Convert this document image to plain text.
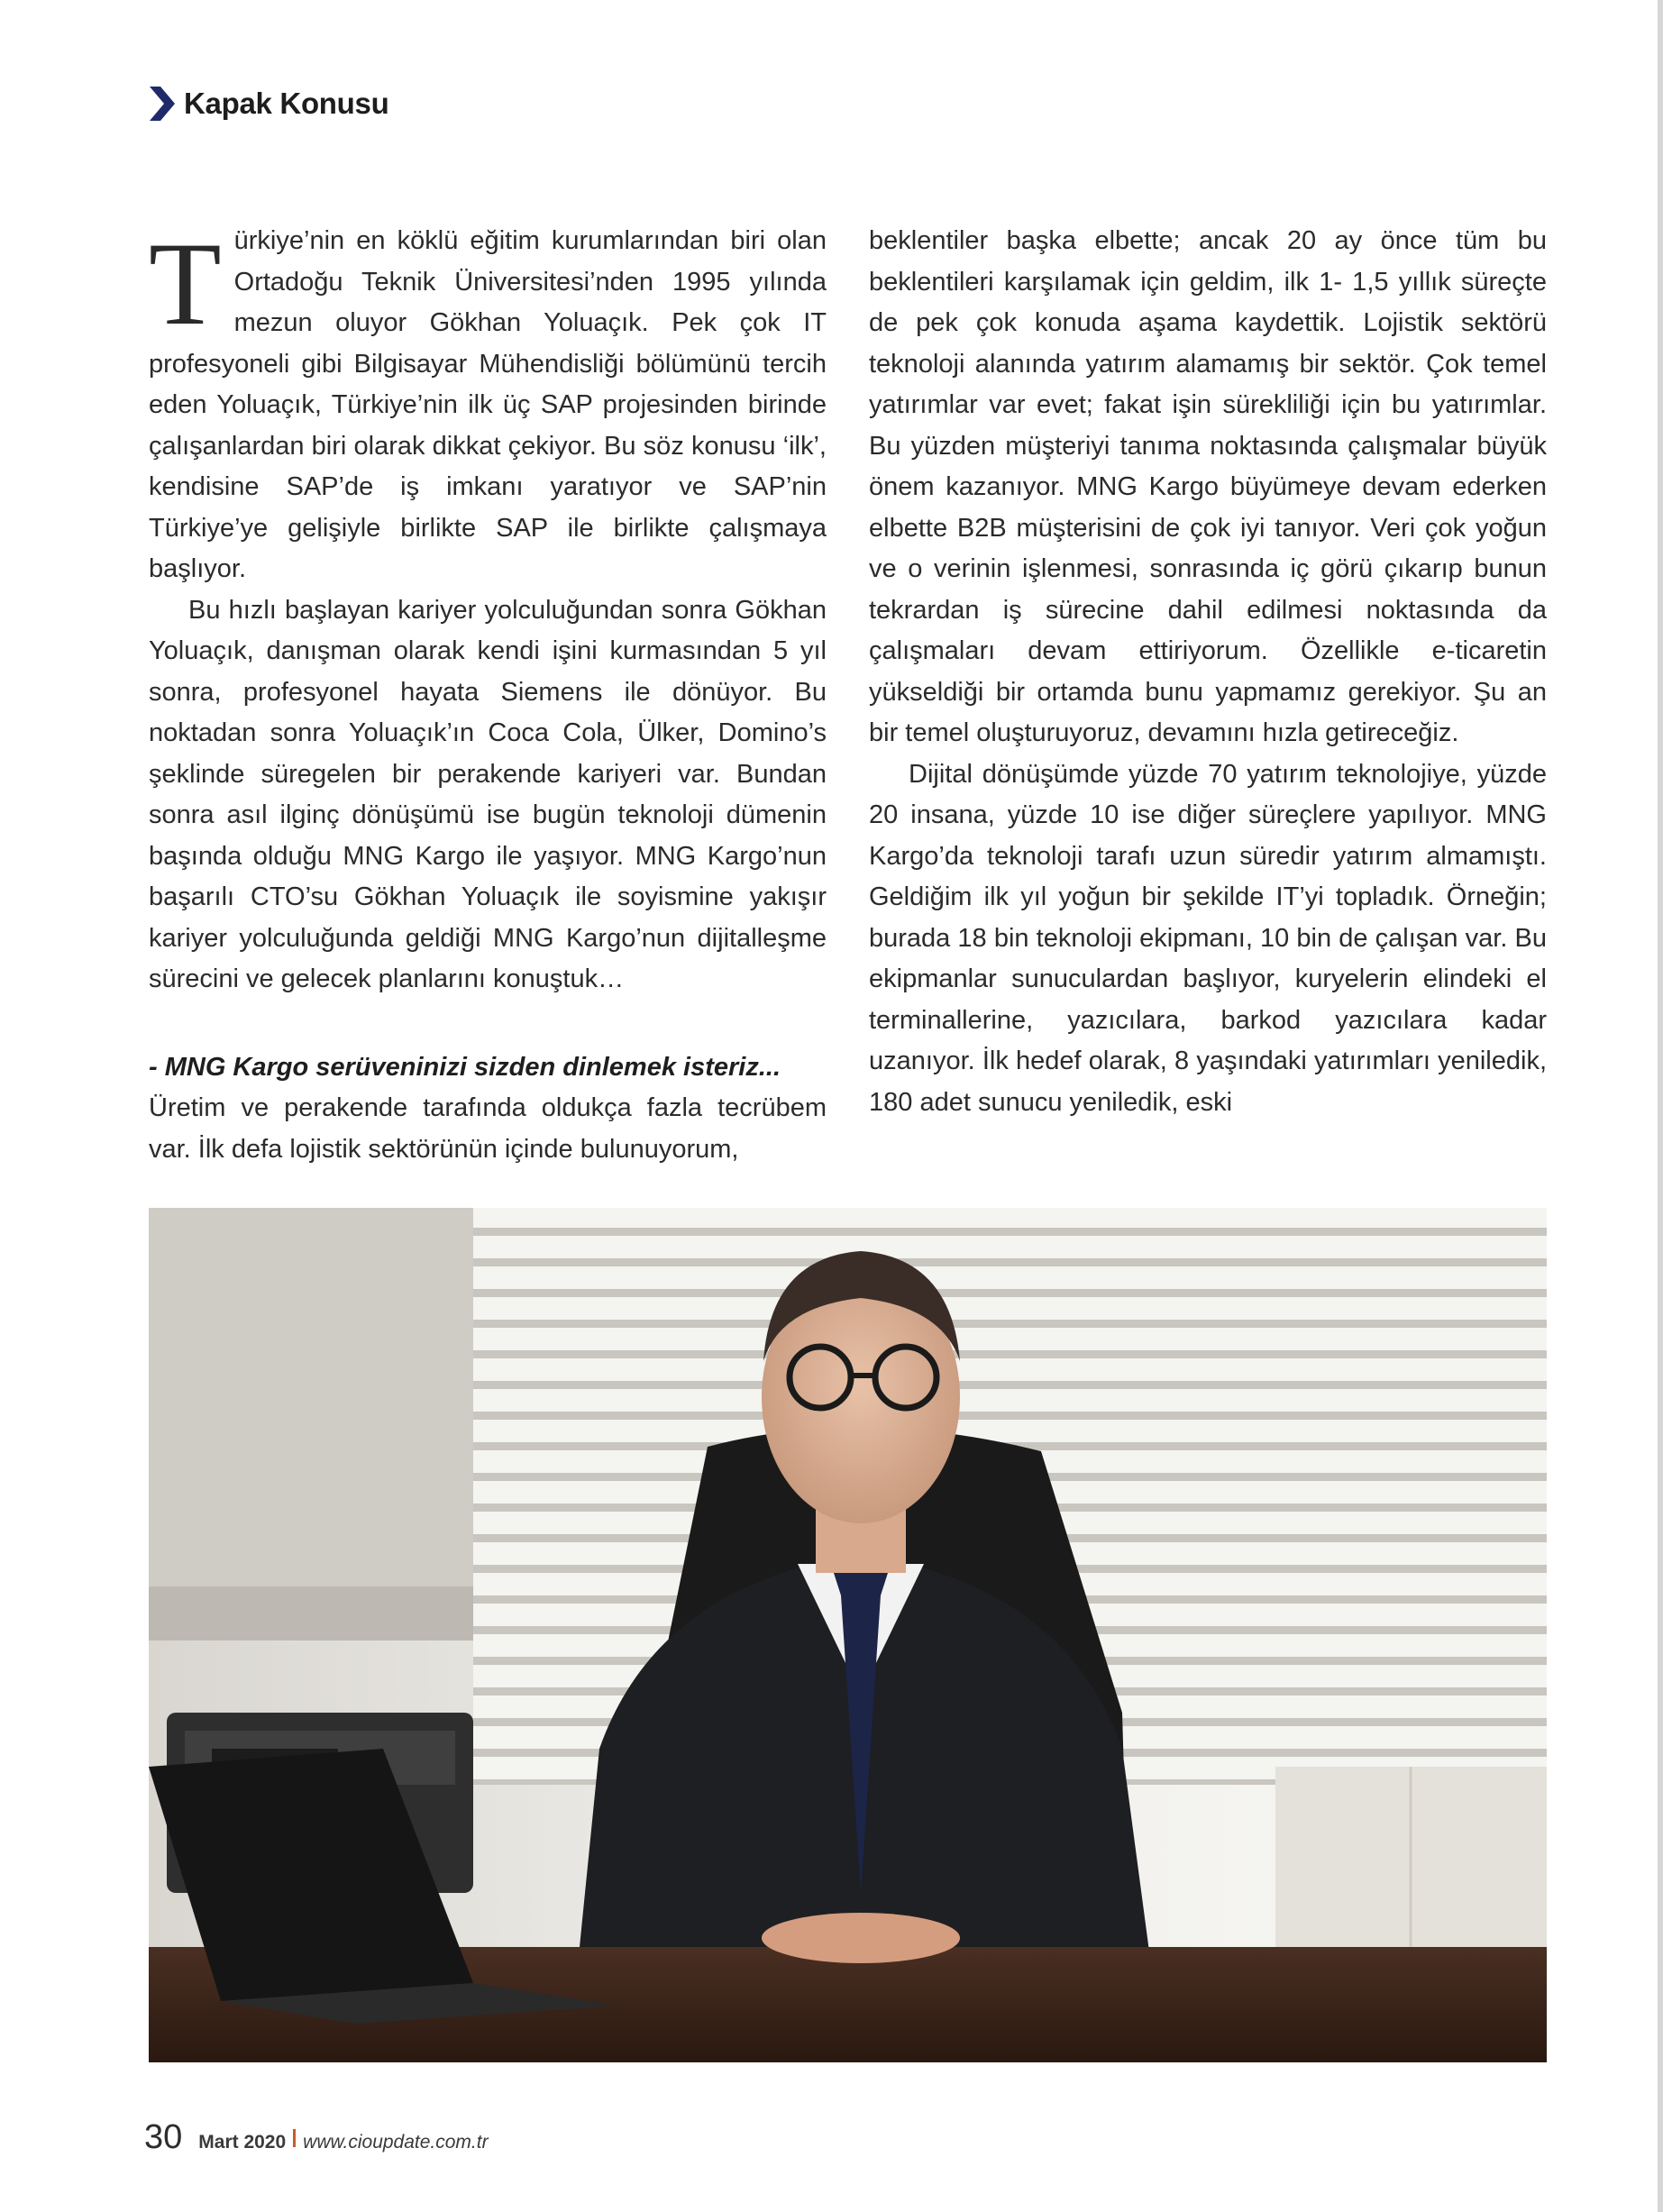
Kapak Konusu

Türkiye’nin en köklü eğitim kurumlarından biri olan Ortadoğu Teknik Üniversitesi’nden 1995 yılında mezun oluyor Gökhan Yoluaçık. Pek çok IT profesyoneli gibi Bilgisayar Mühendisliği bölümünü tercih eden Yoluaçık, Türkiye’nin ilk üç SAP projesinden birinde çalışanlardan biri olarak dikkat çekiyor. Bu söz konusu ‘ilk’, kendisine SAP’de iş imkanı yaratıyor ve SAP’nin Türkiye’ye gelişiyle birlikte SAP ile birlikte çalışmaya başlıyor.

Bu hızlı başlayan kariyer yolculuğundan sonra Gökhan Yoluaçık, danışman olarak kendi işini kurmasından 5 yıl sonra, profesyonel hayata Siemens ile dönüyor. Bu noktadan sonra Yoluaçık’ın Coca Cola, Ülker, Domino’s şeklinde süregelen bir perakende kariyeri var. Bundan sonra asıl ilginç dönüşümü ise bugün teknoloji dümenin başında olduğu MNG Kargo ile yaşıyor. MNG Kargo’nun başarılı CTO’su Gökhan Yoluaçık ile soyismine yakışır kariyer yolculuğunda geldiği MNG Kargo’nun dijitalleşme sürecini ve gelecek planlarını konuştuk…

- MNG Kargo serüveninizi sizden dinlemek isteriz...

Üretim ve perakende tarafında oldukça fazla tecrübem var. İlk defa lojistik sektörünün içinde bulunuyorum,

beklentiler başka elbette; ancak 20 ay önce tüm bu beklentileri karşılamak için geldim, ilk 1- 1,5 yıllık süreçte de pek çok konuda aşama kaydettik. Lojistik sektörü teknoloji alanında yatırım alamamış bir sektör. Çok temel yatırımlar var evet; fakat işin sürekliliği için bu yatırımlar. Bu yüzden müşteriyi tanıma noktasında çalışmalar büyük önem kazanıyor. MNG Kargo büyümeye devam ederken elbette B2B müşterisini de çok iyi tanıyor. Veri çok yoğun ve o verinin işlenmesi, sonrasında iç görü çıkarıp bunun tekrardan iş sürecine dahil edilmesi noktasında da çalışmaları devam ettiriyorum. Özellikle e-ticaretin yükseldiği bir ortamda bunu yapmamız gerekiyor. Şu an bir temel oluşturuyoruz, devamını hızla getireceğiz.

Dijital dönüşümde yüzde 70 yatırım teknolojiye, yüzde 20 insana, yüzde 10 ise diğer süreçlere yapılıyor. MNG Kargo’da teknoloji tarafı uzun süredir yatırım almamıştı. Geldiğim ilk yıl yoğun bir şekilde IT’yi topladık. Örneğin; burada 18 bin teknoloji ekipmanı, 10 bin de çalışan var. Bu ekipmanlar sunuculardan başlıyor, kuryelerin elindeki el terminallerine, yazıcılara, barkod yazıcılara kadar uzanıyor. İlk hedef olarak, 8 yaşındaki yatırımları yeniledik, 180 adet sunucu yeniledik, eski

30 Mart 2020 www.cioupdate.com.tr
